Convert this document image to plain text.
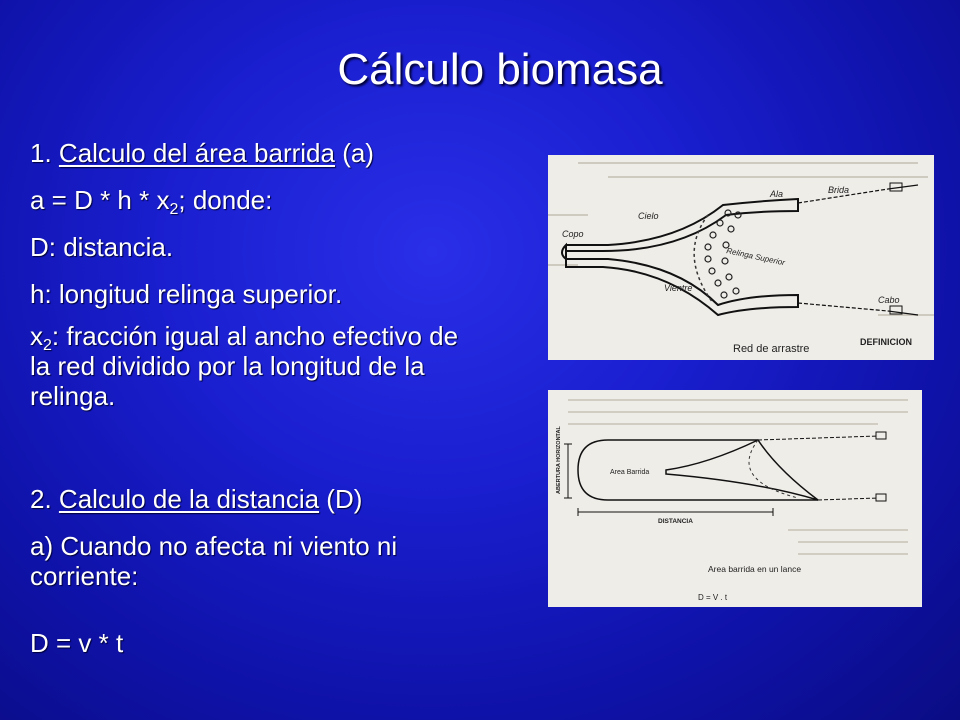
Cálculo biomasa
1. Calculo del área barrida (a)
$a = D * h * x_2$; donde:
D: distancia.
h: longitud relinga superior.
$x_2$: fracción igual al ancho efectivo de la red dividido por la longitud de la relinga.
2. Calculo de la distancia (D)
a) Cuando no afecta ni viento ni corriente:
D = v * t
Copo
Cielo
Ala	Brida
Relinga Superior
Vientre
Cabo
Red de arrastre
DEFINICION
ABERTURA HORIZONTAL	Area Barrida
DISTANCIA
Area barrida en un lance
D = V . t
